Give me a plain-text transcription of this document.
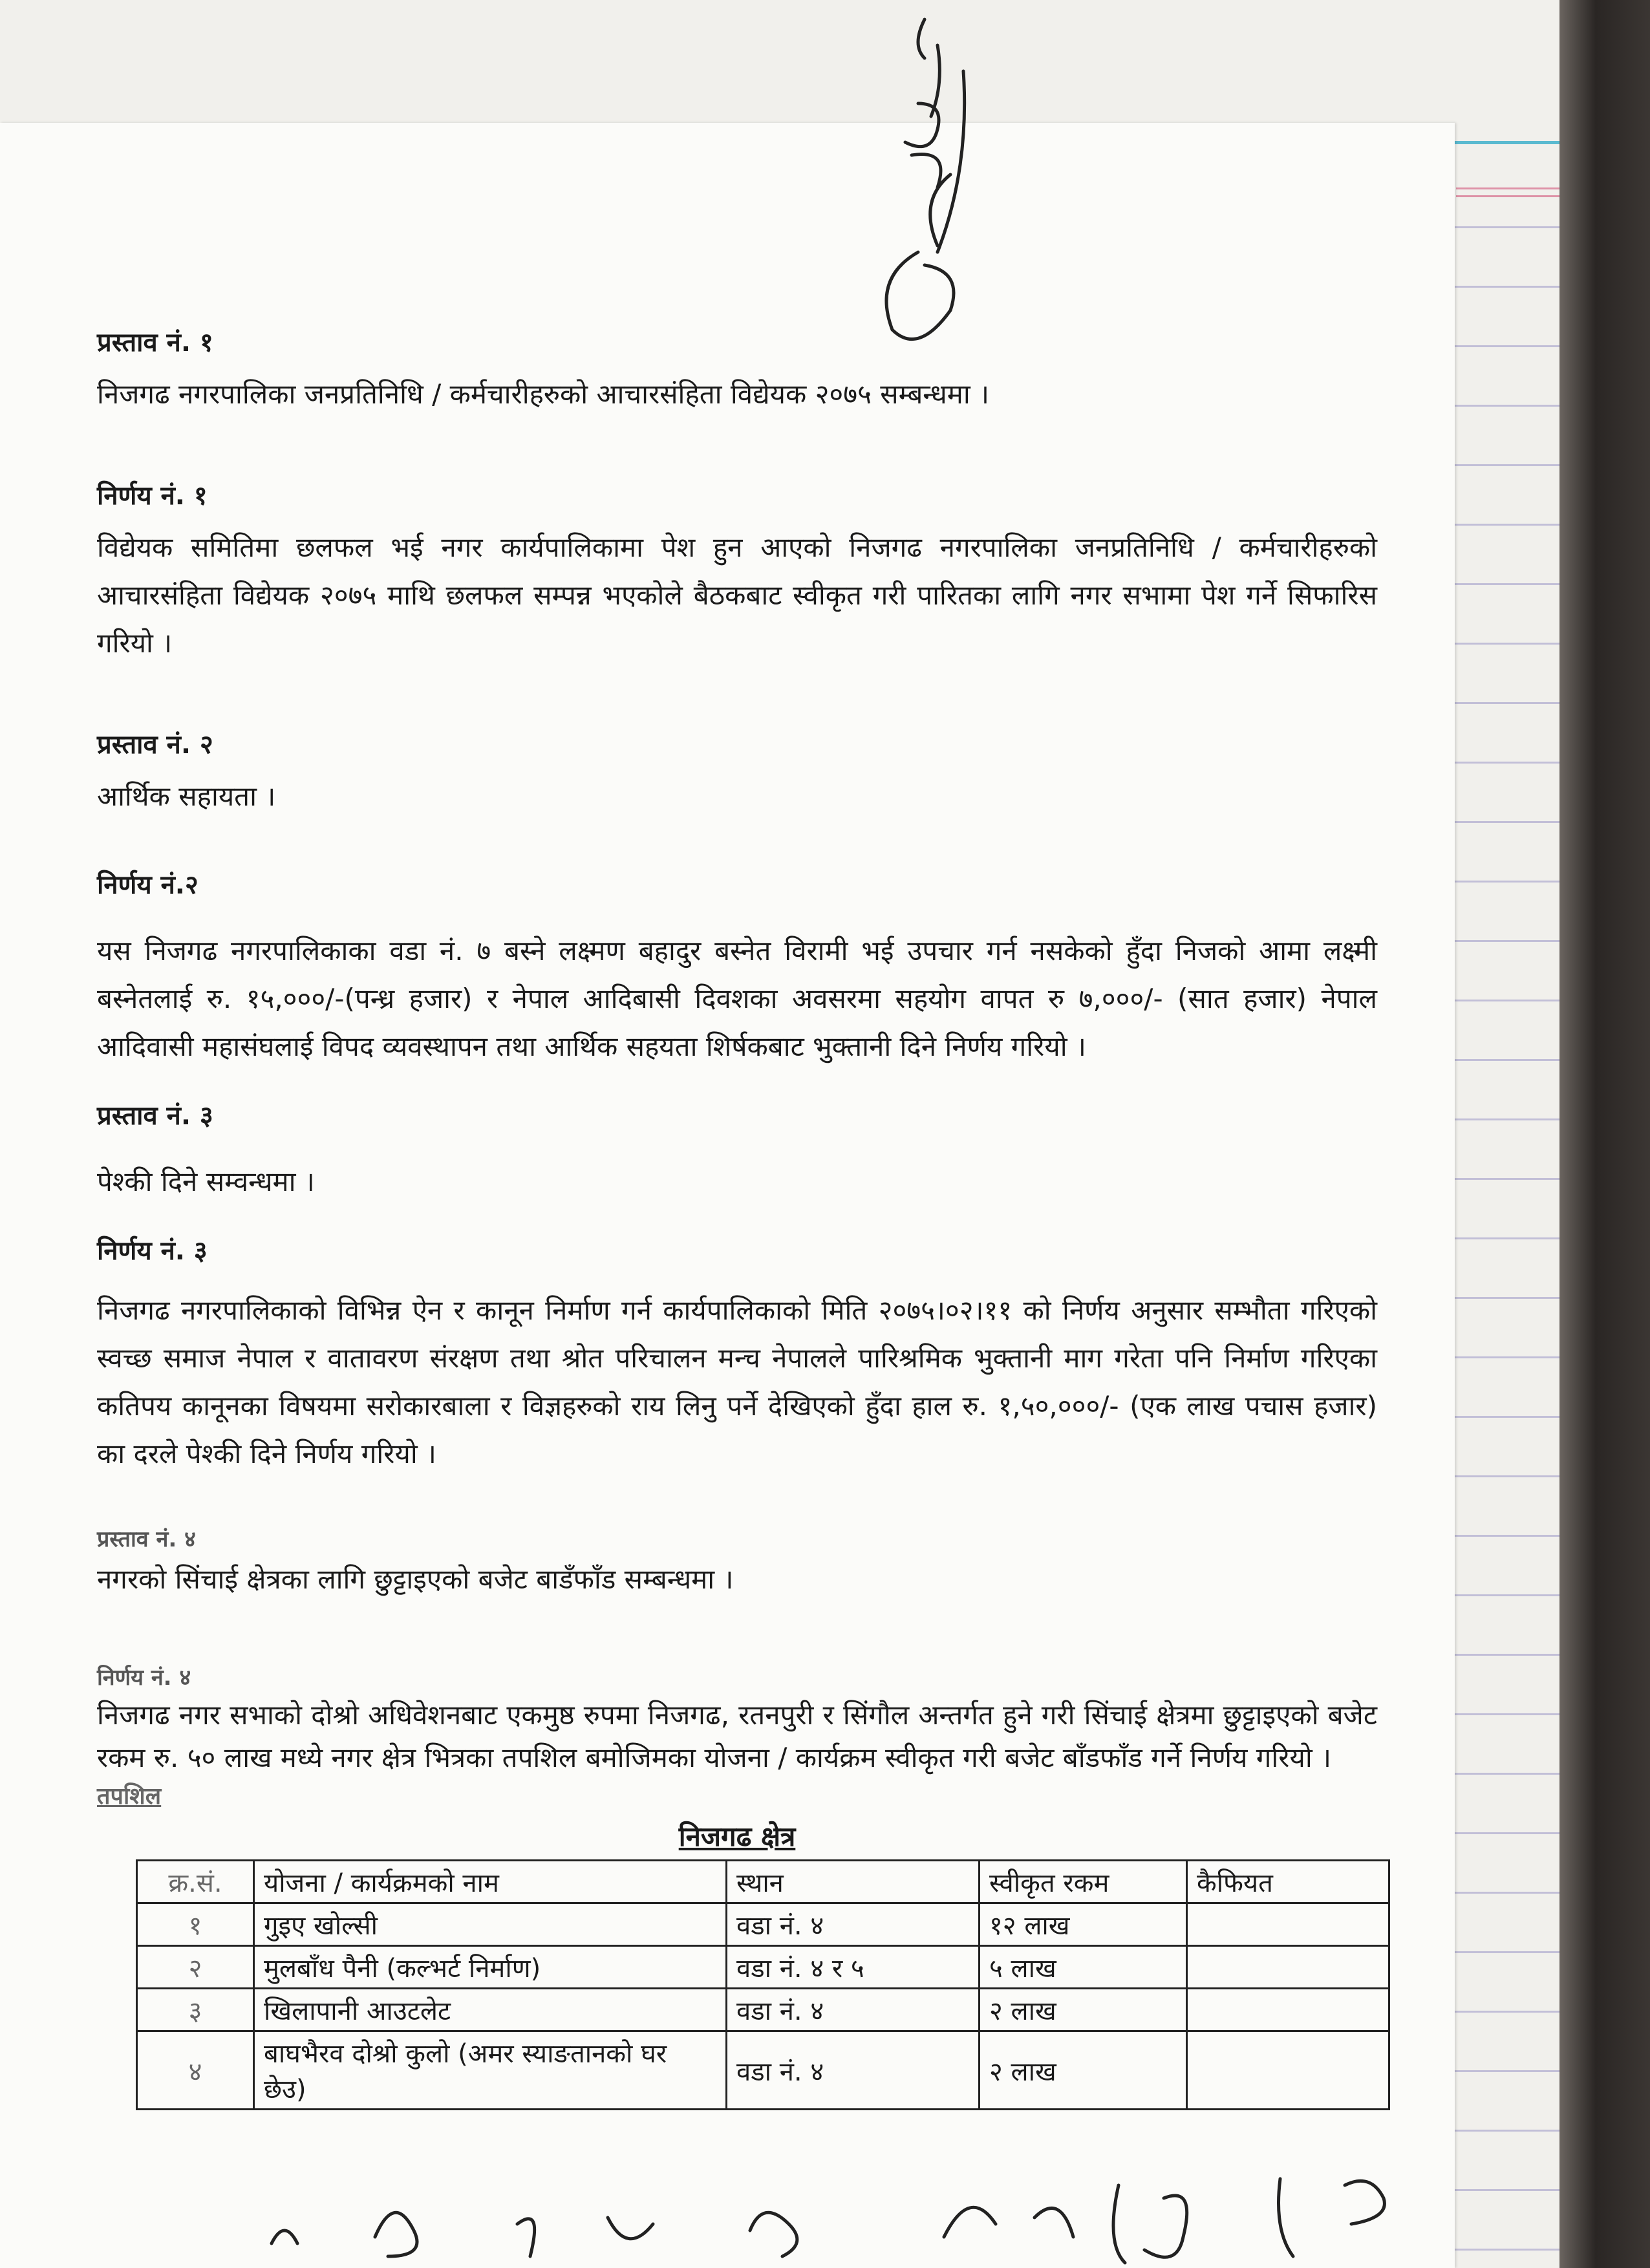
प्रस्ताव नं. १

निजगढ नगरपालिका जनप्रतिनिधि / कर्मचारीहरुको आचारसंहिता विद्येयक २०७५ सम्बन्धमा ।

निर्णय नं. १

विद्येयक समितिमा छलफल भई नगर कार्यपालिकामा पेश हुन आएको निजगढ नगरपालिका जनप्रतिनिधि / कर्मचारीहरुको आचारसंहिता विद्येयक २०७५ माथि छलफल सम्पन्न भएकोले बैठकबाट स्वीकृत गरी पारितका लागि नगर सभामा पेश गर्ने सिफारिस गरियो ।

प्रस्ताव नं. २

आर्थिक सहायता ।

निर्णय नं.२

यस निजगढ नगरपालिकाका वडा नं. ७ बस्ने लक्ष्मण बहादुर बस्नेत विरामी भई उपचार गर्न नसकेको हुँदा निजको आमा लक्ष्मी बस्नेतलाई रु. १५,०००/-(पन्ध्र हजार) र नेपाल आदिबासी दिवशका अवसरमा सहयोग वापत रु ७,०००/- (सात हजार) नेपाल आदिवासी महासंघलाई विपद व्यवस्थापन तथा आर्थिक सहयता शिर्षकबाट भुक्तानी दिने निर्णय गरियो ।

प्रस्ताव नं. ३

पेश्की दिने सम्वन्धमा ।

निर्णय नं. ३

निजगढ नगरपालिकाको विभिन्न ऐन र कानून निर्माण गर्न कार्यपालिकाको मिति २०७५।०२।११ को निर्णय अनुसार सम्भौता गरिएको स्वच्छ समाज नेपाल र वातावरण संरक्षण तथा श्रोत परिचालन मन्च नेपालले पारिश्रमिक भुक्तानी माग गरेता पनि निर्माण गरिएका कतिपय कानूनका विषयमा सरोकारबाला र विज्ञहरुको राय लिनु पर्ने देखिएको हुँदा हाल रु. १,५०,०००/- (एक लाख पचास हजार) का दरले पेश्की दिने निर्णय गरियो ।

प्रस्ताव नं. ४

नगरको सिंचाई क्षेत्रका लागि छुट्टाइएको बजेट बाडँफाँड सम्बन्धमा ।

निर्णय नं. ४

निजगढ नगर सभाको दोश्रो अधिवेशनबाट एकमुष्ठ रुपमा निजगढ, रतनपुरी र सिंगौल अन्तर्गत हुने गरी सिंचाई क्षेत्रमा छुट्टाइएको बजेट रकम रु. ५० लाख मध्ये नगर क्षेत्र भित्रका तपशिल बमोजिमका योजना / कार्यक्रम स्वीकृत गरी बजेट बाँडफाँड गर्ने निर्णय गरियो ।

तपशिल
निजगढ क्षेत्र
क्र.सं.	योजना / कार्यक्रमको नाम	स्थान	स्वीकृत रकम	कैफियत
१	गुइए खोल्सी	वडा नं. ४	१२ लाख	
२	मुलबाँध पैनी (कल्भर्ट निर्माण)	वडा नं. ४ र ५	५ लाख	
३	खिलापानी आउटलेट	वडा नं. ४	२ लाख	
४	बाघभैरव दोश्रो कुलो (अमर स्याङतानको घर छेउ)	वडा नं. ४	२ लाख	
